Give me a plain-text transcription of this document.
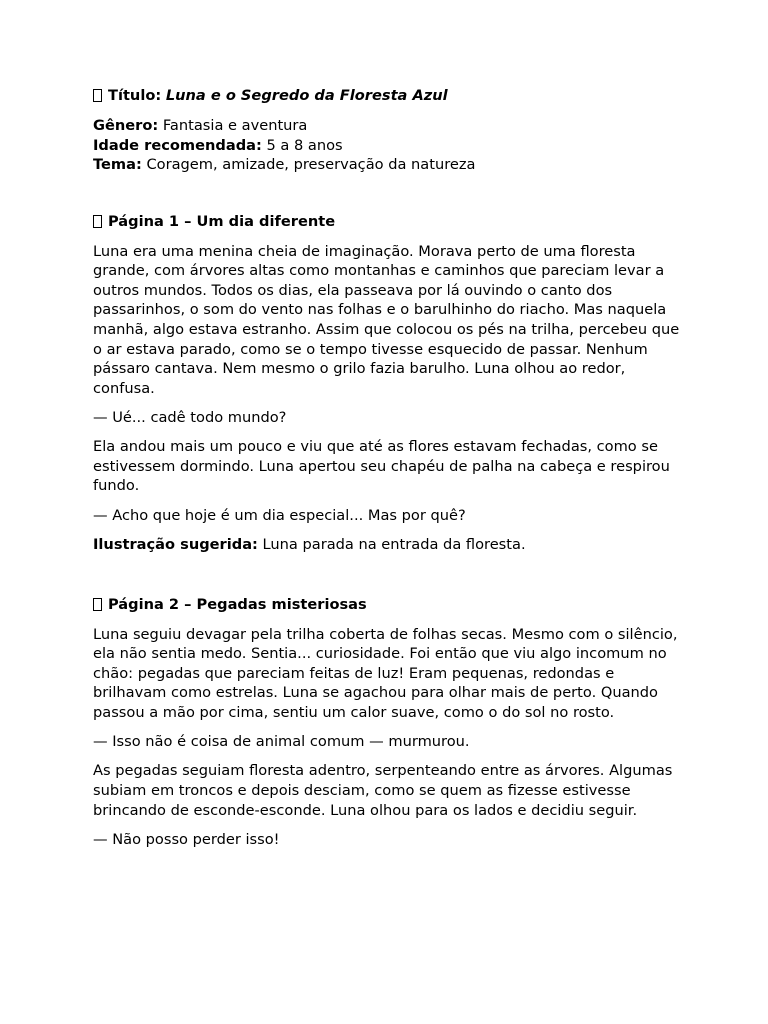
Título: Luna e o Segredo da Floresta Azul
Gênero: Fantasia e aventura
Idade recomendada: 5 a 8 anos
Tema: Coragem, amizade, preservação da natureza
Página 1 – Um dia diferente

Luna era uma menina cheia de imaginação. Morava perto de uma floresta grande, com árvores altas como montanhas e caminhos que pareciam levar a outros mundos. Todos os dias, ela passeava por lá ouvindo o canto dos passarinhos, o som do vento nas folhas e o barulhinho do riacho. Mas naquela manhã, algo estava estranho. Assim que colocou os pés na trilha, percebeu que o ar estava parado, como se o tempo tivesse esquecido de passar. Nenhum pássaro cantava. Nem mesmo o grilo fazia barulho. Luna olhou ao redor, confusa.

— Ué... cadê todo mundo?

Ela andou mais um pouco e viu que até as flores estavam fechadas, como se estivessem dormindo. Luna apertou seu chapéu de palha na cabeça e respirou fundo.

— Acho que hoje é um dia especial... Mas por quê?

Ilustração sugerida: Luna parada na entrada da floresta.

Página 2 – Pegadas misteriosas

Luna seguiu devagar pela trilha coberta de folhas secas. Mesmo com o silêncio, ela não sentia medo. Sentia... curiosidade. Foi então que viu algo incomum no chão: pegadas que pareciam feitas de luz! Eram pequenas, redondas e brilhavam como estrelas. Luna se agachou para olhar mais de perto. Quando passou a mão por cima, sentiu um calor suave, como o do sol no rosto.

— Isso não é coisa de animal comum — murmurou.

As pegadas seguiam floresta adentro, serpenteando entre as árvores. Algumas subiam em troncos e depois desciam, como se quem as fizesse estivesse brincando de esconde-esconde. Luna olhou para os lados e decidiu seguir.

— Não posso perder isso!
